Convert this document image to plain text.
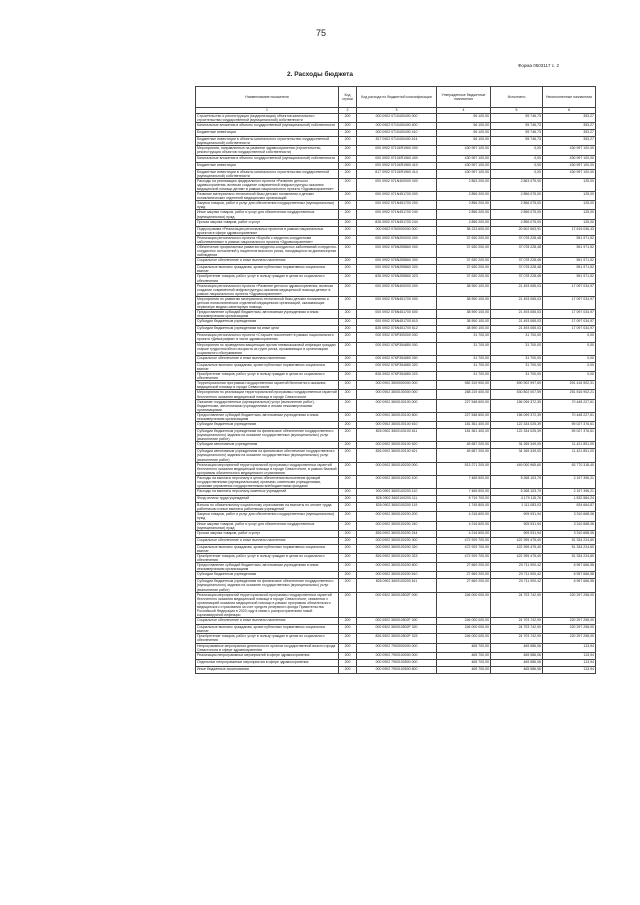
75
Форма 0503117 с. 2
2. Расходы бюджета
Наименование показателя	Код строки	Код расхода по бюджетной классификации	Утвержденные бюджетные назначения	Исполнено	Неисполненные назначения
1	2	3	4	5	6
Строительство и реконструкция (модернизация) объектов капитального строительства государственной (муниципальной) собственности	200	000 0902 0710400400 000	56 100,00	55 746,73	353,27
Капитальные вложения в объекты государственной (муниципальной) собственности	200	000 0902 0710400400 400	56 100,00	55 746,73	353,27
Бюджетные инвестиции	200	000 0902 0710400400 410	56 100,00	55 746,73	353,27
Бюджетные инвестиции в объекты капитального строительства государственной (муниципальной) собственности	200	817 0902 0710400400 414	56 100,00	55 746,73	353,27
Мероприятия, направленные на развитие здравоохранения (строительство, реконструкция объектов государственной собственности)	200	000 0902 07104R1960 000	430 997 100,00	0,00	430 997 100,00
Капитальные вложения в объекты государственной (муниципальной) собственности	200	000 0902 07104R1960 400	430 997 100,00	0,00	430 997 100,00
Бюджетные инвестиции	200	000 0902 07104R1960 410	430 997 100,00	0,00	430 997 100,00
Бюджетные инвестиции в объекты капитального строительства государственной (муниципальной) собственности	200	817 0902 07104R1960 414	430 997 100,00	0,00	430 997 100,00
Расходы на реализацию федерального проекта «Развитие детского здравоохранения, включая создание современной инфраструктуры оказания медицинской помощи детям» в рамках национального проекта «Здравоохранение»	200	000 0902 071N400000 000	2 863 200,00	2 863 075,00	125,00
Развитие материально-технической базы детских поликлиник и детских поликлинических отделений медицинских организаций	200	000 0902 071N451700 000	2 856 200,00	2 856 075,00	125,00
Закупка товаров, работ и услуг для обеспечения государственных (муниципальных) нужд	200	000 0902 071N451700 200	2 856 200,00	2 856 075,00	125,00
Иные закупки товаров, работ и услуг для обеспечения государственных (муниципальных) нужд	200	000 0902 071N451700 240	2 856 200,00	2 856 075,00	125,00
Прочая закупка товаров, работ и услуг	200	826 0902 071N451700 244	2 856 200,00	2 856 075,00	125,00
Подпрограмма «Реализация региональных проектов в рамках национальных проектов в сфере здравоохранения»	200	000 0902 0760000000 000	38 223 600,00	20 602 563,91	17 619 036,43
Реализация регионального проекта «Борьба с сердечно-сосудистыми заболеваниями» в рамках национального проекта «Здравоохранение»	200	000 0902 076N200000 000	37 630 200,00	37 078 228,48	551 971,52
Обеспечение профилактики развития сердечно-сосудистых заболеваний и сердечно-сосудистых осложнений у пациентов высокого риска, находящихся на диспансерном наблюдении	200	000 0902 076N255860 000	37 630 200,00	37 078 228,48	551 971,52
Социальное обеспечение и иные выплаты населению	200	000 0902 076N255860 300	37 630 200,00	37 078 228,48	551 971,52
Социальные выплаты гражданам, кроме публичных нормативных социальных выплат	200	000 0902 076N255860 320	37 630 200,00	37 078 228,48	551 971,52
Приобретение товаров, работ, услуг в пользу граждан в целях их социального обеспечения	200	826 0902 076N255860 323	37 630 200,00	37 078 228,48	551 971,52
Реализация регионального проекта «Развитие детского здравоохранения, включая создание современной инфраструктуры оказания медицинской помощи детям» в рамках национального проекта «Здравоохранение»	200	000 0902 076N400000 000	38 590 100,00	21 493 065,03	17 097 034,97
Мероприятия по развитию материально-технической базы детских поликлиник и детских поликлинических отделений медицинских организаций, оказывающих первичную медико-санитарную помощь	200	000 0902 076N451700 000	38 590 100,00	21 493 065,03	17 097 034,97
Предоставление субсидий бюджетным, автономным учреждениям и иным некоммерческим организациям	200	000 0902 076N451700 600	38 590 100,00	21 493 065,03	17 097 034,97
Субсидии бюджетным учреждениям	200	000 0902 076N451700 610	38 590 100,00	21 493 065,03	17 097 034,97
Субсидии бюджетным учреждениям на иные цели	200	826 0902 076N451700 612	38 590 100,00	21 493 065,03	17 097 034,97
Реализация регионального проекта «Старшее поколение» в рамках национального проекта «Демография» в части здравоохранения	200	000 0902 076P300000 000	31 700,00	31 700,00	0,00
Мероприятия по проведению вакцинации против пневмококковой инфекции граждан старше трудоспособного возраста из групп риска, проживающих в организациях социального обслуживания	200	000 0902 076P354680 000	31 700,00	31 700,00	0,00
Социальное обеспечение и иные выплаты населению	200	000 0902 076P354680 300	31 700,00	31 700,00	0,00
Социальные выплаты гражданам, кроме публичных нормативных социальных выплат	200	000 0902 076P354680 320	31 700,00	31 700,00	0,00
Приобретение товаров, работ, услуг в пользу граждан в целях их социального обеспечения	200	826 0902 076P354680 323	31 700,00	31 700,00	0,00
Территориальная программа государственных гарантий бесплатного оказания медицинской помощи в городе Севастополе	200	000 0902 3500000000 000	982 319 900,00	690 902 997,69	291 416 902,31
Мероприятия по реализации территориальной программы государственных гарантий бесплатного оказания медицинской помощи в городе Севастополе	200	000 0902 3600100000 000	268 219 400,00	630 802 007,59	251 516 902,21
Оказание государственных (муниципальных) услуг (выполнение работ), бюджетными, автономными учреждениями и иными некоммерческими организациями	200	000 0902 3600100100 000	227 548 600,00	156 099 372,39	70 448 227,61
Предоставление субсидий бюджетным, автономным учреждениям и иным некоммерческим организациям	200	000 0902 3600100100 600	227 548 600,00	156 099 372,39	70 448 227,61
Субсидии бюджетным учреждениям	200	000 0902 3600100100 610	181 361 400,00	122 334 025,39	59 027 376,61
Субсидии бюджетным учреждениям на финансовое обеспечение государственного (муниципального) задания на оказание государственных (муниципальных) услуг (выполнение работ)	200	826 0902 3600100100 611	181 361 400,00	122 334 025,39	59 027 376,61
Субсидии автономным учреждениям	200	000 0902 3600100100 620	45 687 200,00	34 265 349,00	11 421 851,00
Субсидии автономным учреждениям на финансовое обеспечение государственного (муниципального) задания на оказание государственных (муниципальных) услуг (выполнение работ)	200	826 0902 3600100100 621	45 687 200,00	34 265 349,00	11 421 851,00
Реализация мероприятий территориальной программы государственных гарантий бесплатного оказания медицинской помощи в городе Севастополе, в рамках базовой программы обязательного медицинского страхования	200	000 0902 3600100200 000	513 271 200,00	449 000 965,60	63 770 318,40
Расходы на выплаты персоналу в целях обеспечения выполнения функций государственными (муниципальными) органами, казенными учреждениями, органами управления государственными внебюджетными фондами	200	000 0902 3600100200 100	7 465 500,00	5 268 103,79	2 197 396,21
Расходы на выплаты персоналу казенных учреждений	200	000 0902 3600100200 110	7 465 500,00	5 268 103,79	2 197 396,21
Фонд оплаты труда учреждений	200	826 0902 3600100200 111	5 719 700,00	4 179 115,76	1 532 584,24
Взносы по обязательному социальному страхованию на выплаты по оплате труда работников и иные выплаты работникам учреждений	200	826 0902 3600100200 119	1 745 800,00	1 111 083,03	634 664,87
Закупка товаров, работ и услуг для обеспечения государственных (муниципальных) нужд	200	000 0902 3600100200 200	4 216 600,00	905 931,94	3 310 668,06
Иные закупки товаров, работ и услуг для обеспечения государственных (муниципальных) нужд	200	000 0902 3600100200 240	4 216 600,00	905 931,94	3 310 668,06
Прочая закупка товаров, работ и услуг	200	826 0902 3600100200 244	4 216 600,00	905 931,94	3 310 668,06
Социальное обеспечение и иные выплаты населению	200	000 0902 3600100200 300	472 929 700,00	422 395 475,40	51 334 224,60
Социальные выплаты гражданам, кроме публичных нормативных социальных выплат	200	000 0902 3600100200 320	472 929 700,00	422 395 475,40	51 334 224,60
Приобретение товаров, работ, услуг в пользу граждан в целях их социального обеспечения	200	826 0902 3600100200 323	472 929 700,00	422 395 475,40	51 334 224,60
Предоставление субсидий бюджетным, автономным учреждениям и иным некоммерческим организациям	200	000 0902 3600100200 600	27 669 200,00	20 711 900,42	6 957 666,58
Субсидии бюджетным учреждениям	200	000 0902 3600100200 610	27 669 200,00	20 711 900,42	6 957 666,58
Субсидии бюджетным учреждениям на финансовое обеспечение государственного (муниципального) задания на оказание государственных (муниципальных) услуг (выполнение работ)	200	826 0902 3600100200 611	27 669 200,00	20 711 900,42	6 957 666,58
Реализация мероприятий территориальной программы государственных гарантий бесплатного оказания медицинской помощи в городе Севастополе, связанных с организацией оказания медицинской помощи в рамках программы обязательного медицинского страхования за счет средств резервного фонда Правительства Российской Федерации в 2020 году в связи с распространением новой коронавирусной инфекции	200	000 0902 360010502F 000	246 000 000,00	24 703 742,90	220 297 258,00
Социальное обеспечение и иные выплаты населению	200	000 0902 360010502F 300	246 000 000,00	24 703 742,90	220 297 258,00
Социальные выплаты гражданам, кроме публичных нормативных социальных выплат	200	000 0902 360010502F 320	246 000 000,00	24 703 742,90	220 297 258,00
Приобретение товаров, работ, услуг в пользу граждан в целях их социального обеспечения	200	826 0902 360010502F 323	246 000 000,00	24 703 742,90	220 297 258,00
Непрограммные мероприятия деятельности органов государственной власти города Севастополя в сфере здравоохранения	200	000 0902 7900000000 000	465 700,00	465 586,06	113,94
Реализация непрограммных мероприятий в сфере здравоохранения	200	000 0902 7900100000 000	465 700,00	465 586,06	113,94
Отдельные непрограммные мероприятия в сфере здравоохранения	200	000 0902 7900100500 000	465 700,00	465 586,06	113,94
Иные бюджетные ассигнования	200	000 0902 7900100500 800	465 700,00	465 586,06	113,94
